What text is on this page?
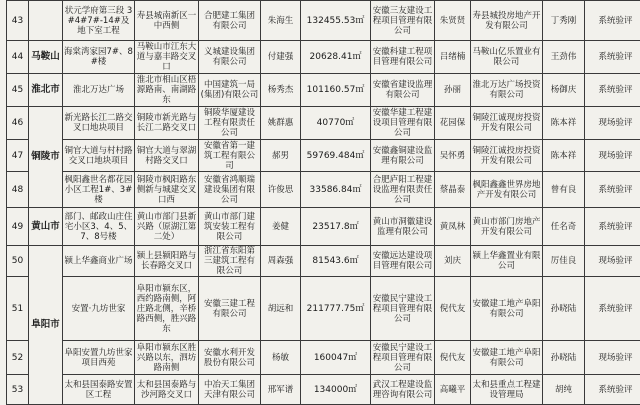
43		状元学府第三段 3#4#7#-14#及地下室工程	寿县城南新区一中西侧	合肥建工集团有限公司	朱海生	132455.53㎡	安徽三友建设工程项目管理有限公司	朱贤贤	寿县城投房地产开发有限公司	丁秀刚	系统验评
44	马鞍山	海棠湾家园7#、8#楼	马鞍山市江东大道与嘉丰路交叉口	义城建设集团有限公司	付建强	20628.41㎡	安徽科建工程项目管理有限公司	吕绪楠	马鞍山亿乐置业有限公司	王劲伟	系统验评
45	淮北市	淮北万达广场	淮北市相山区梧源路南、南湖路东	中国建筑一局(集团)有限公司	杨秀杰	101160.57㎡	安徽省建设监理有限公司	孙丽	淮北万达广场投资有限公司	杨御庆	系统验评
46	铜陵市	新光路长江二路交叉口地块项目	铜陵市新光路与长江二路交叉口	铜陵华厦建设工程有限责任公司	姚群惠	40770㎡	安徽华建工程建设项目管理有限公司	花园保	铜陵江诚现房投资开发有限公司	陈本祥	现场验评
47		铜官大道与村村路交叉口地块项目	铜官大道与翠湖村路交叉口	安徽省第一建筑工程有限公司	郝男	59769.484㎡	安徽鑫铜建设监理有限公司	吴怀勇	铜陵江诚投房投资开发有限公司	陈本祥	现场验评
48		枫阳鑫世名都花园小区工程1#、3#楼	铜陵市枫阳路东侧新与城建交叉口西	安徽省鸿顺瑞建设集团有限公司	许俊思	33586.84㎡	合肥庐阳工程建设监理有限责任公司	蔡晶泰	枫阳鑫鑫世界房地产开发有限公司	曾有良	系统验评
49	黄山市	部门、邮政山庄住宅小区3、4、5、7、8号楼	黄山市部门县新兴路（原湖江第二处）	黄山市部门建筑安装工程有限公司	姜健	23517.8㎡	黄山市洞徽建设监理有限公司	黄凤林	黄山市部门房地产开发有限公司	任名奇	系统验评
50	阜阳市	颍上华鑫商业广场	颍上县颍阳路与长春路交叉口	浙江省东阳第三建筑工程有限公司	周森强	81543.6㎡	安徽远达建设项目管理有限公司	刘庆	颍上华鑫置业有限公司	厉佳良	现场验评
51		安置·九坊世家	阜阳市颍东区，西约路南侧，阿庄路北侧，辛桥路西侧，胜兴路东	安徽三建工程有限公司	胡远和	211777.75㎡	安徽民宁建设工程项目管理有限公司	倪代友	安徽建工地产阜阳有限公司	孙晓陆	系统验评
52		阜阳安置九坊世家项目西苑	阜阳市颍东区胜兴路以东，泗坊路南侧	安徽水利开发股份有限公司	杨敏	160047㎡	安徽民宁建设工程项目管理有限公司	倪代友	安徽建工地产阜阳有限公司	孙晓陆	现场验评
53		太和县国泰路安置区工程	太和县国泰路与沙河路交叉口	中冶天工集团天津有限公司	邢军谱	134000㎡	武汉工程建设监理咨询有限公司	高曦平	太和县重点工程建设管理局	胡纯	系统验评
